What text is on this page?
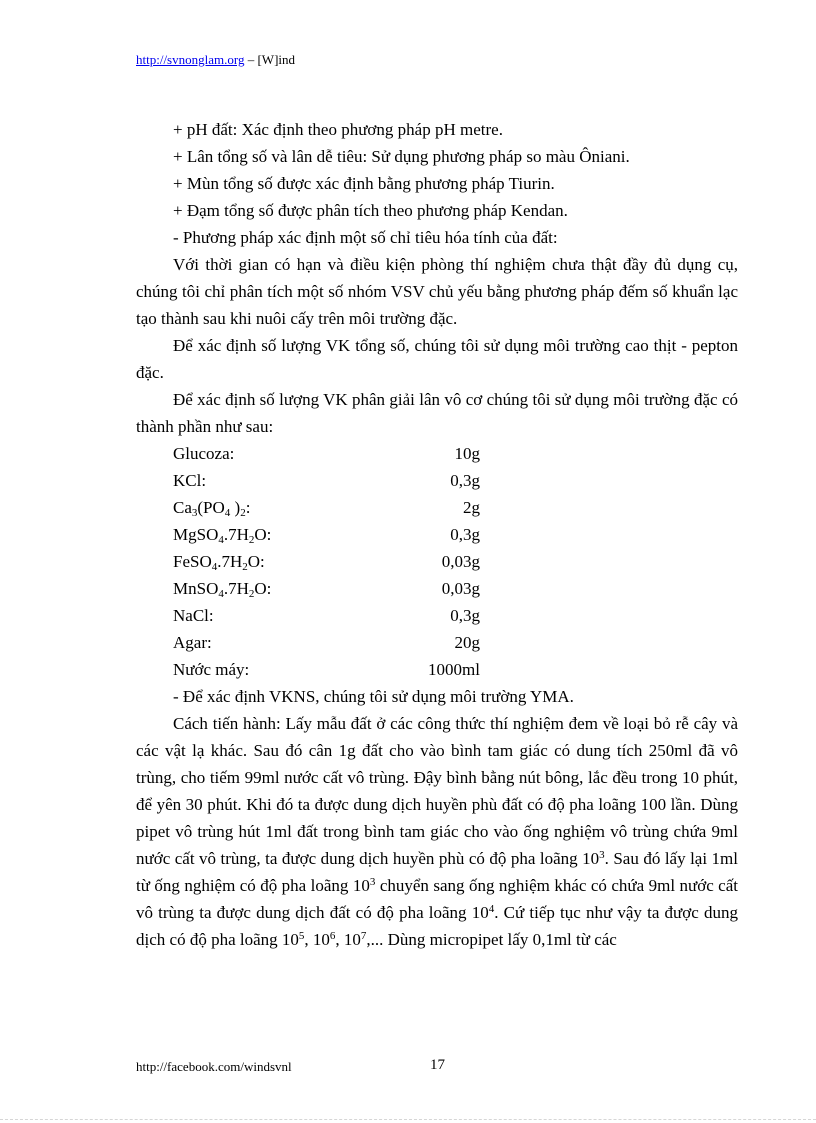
http://svnonglam.org – [W]ind

+ pH đất: Xác định theo phương pháp pH metre.

+ Lân tổng số và lân dễ tiêu: Sử dụng phương pháp so màu Ôniani.

+ Mùn tổng số được xác định bằng phương pháp Tiurin.

+ Đạm tổng số được phân tích theo phương pháp Kendan.

- Phương pháp xác định một số chỉ tiêu hóa tính của đất:

Với thời gian có hạn và điều kiện phòng thí nghiệm chưa thật đầy đủ dụng cụ, chúng tôi chỉ phân tích một số nhóm VSV chủ yếu bằng phương pháp đếm số khuẩn lạc tạo thành sau khi nuôi cấy trên môi trường đặc.

Để xác định số lượng VK tổng số, chúng tôi sử dụng môi trường cao thịt - pepton đặc.

Để xác định số lượng VK phân giải lân vô cơ chúng tôi sử dụng môi trường đặc có thành phần như sau:

Glucoza:	10g
KCl:	0,3g
$Ca_3(PO_4$ )$_2$:	2g
$MgSO_4.7H_2O$:	0,3g
$FeSO_4.7H_2O$:	0,03g
$MnSO_4.7H_2O$:	0,03g
NaCl:	0,3g
Agar:	20g
Nước máy:	1000ml

- Để xác định VKNS, chúng tôi sử dụng môi trường YMA.

Cách tiến hành: Lấy mẫu đất ở các công thức thí nghiệm đem về loại bỏ rễ cây và các vật lạ khác. Sau đó cân 1g đất cho vào bình tam giác có dung tích 250ml đã vô trùng, cho tiếm 99ml nước cất vô trùng. Đậy bình bằng nút bông, lắc đều trong 10 phút, để yên 30 phút. Khi đó ta được dung dịch huyền phù đất có độ pha loãng 100 lần. Dùng pipet vô trùng hút 1ml đất trong bình tam giác cho vào ống nghiệm vô trùng chứa 9ml nước cất vô trùng, ta được dung dịch huyền phù có độ pha loãng $10^3$. Sau đó lấy lại 1ml từ ống nghiệm có độ pha loãng $10^3$ chuyển sang ống nghiệm khác có chứa 9ml nước cất vô trùng ta được dung dịch đất có độ pha loãng $10^4$. Cứ tiếp tục như vậy ta được dung dịch có độ pha loãng $10^5$, $10^6$, $10^7$,... Dùng micropipet lấy 0,1ml từ các

http://facebook.com/windsvnl	17
